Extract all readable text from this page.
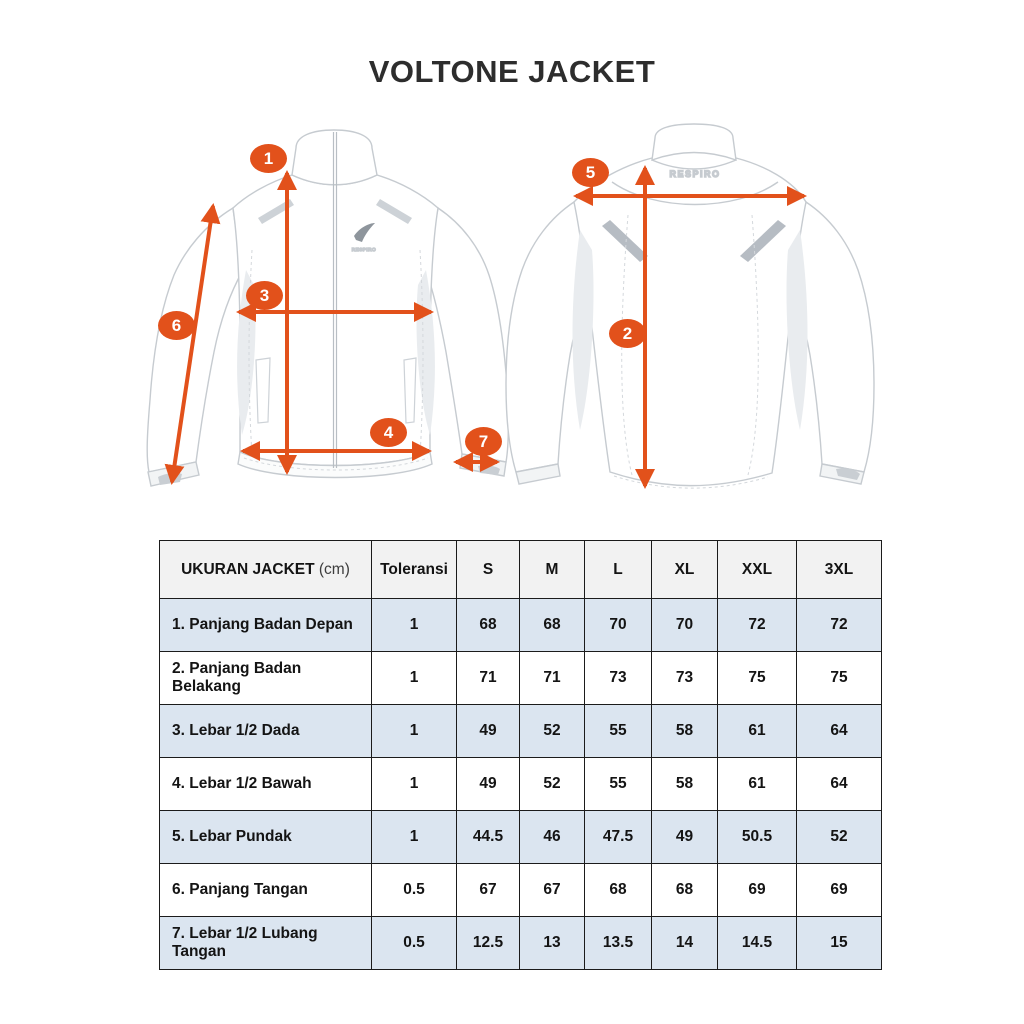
VOLTONE JACKET
RESPIRO
RESPIRO
1
2
3
4
5
6
7
UKURAN JACKET (cm)	Toleransi	S	M	L	XL	XXL	3XL
1. Panjang Badan Depan	1	68	68	70	70	72	72
2. Panjang Badan Belakang	1	71	71	73	73	75	75
3. Lebar 1/2 Dada	1	49	52	55	58	61	64
4. Lebar 1/2 Bawah	1	49	52	55	58	61	64
5. Lebar Pundak	1	44.5	46	47.5	49	50.5	52
6. Panjang Tangan	0.5	67	67	68	68	69	69
7. Lebar 1/2 Lubang Tangan	0.5	12.5	13	13.5	14	14.5	15
